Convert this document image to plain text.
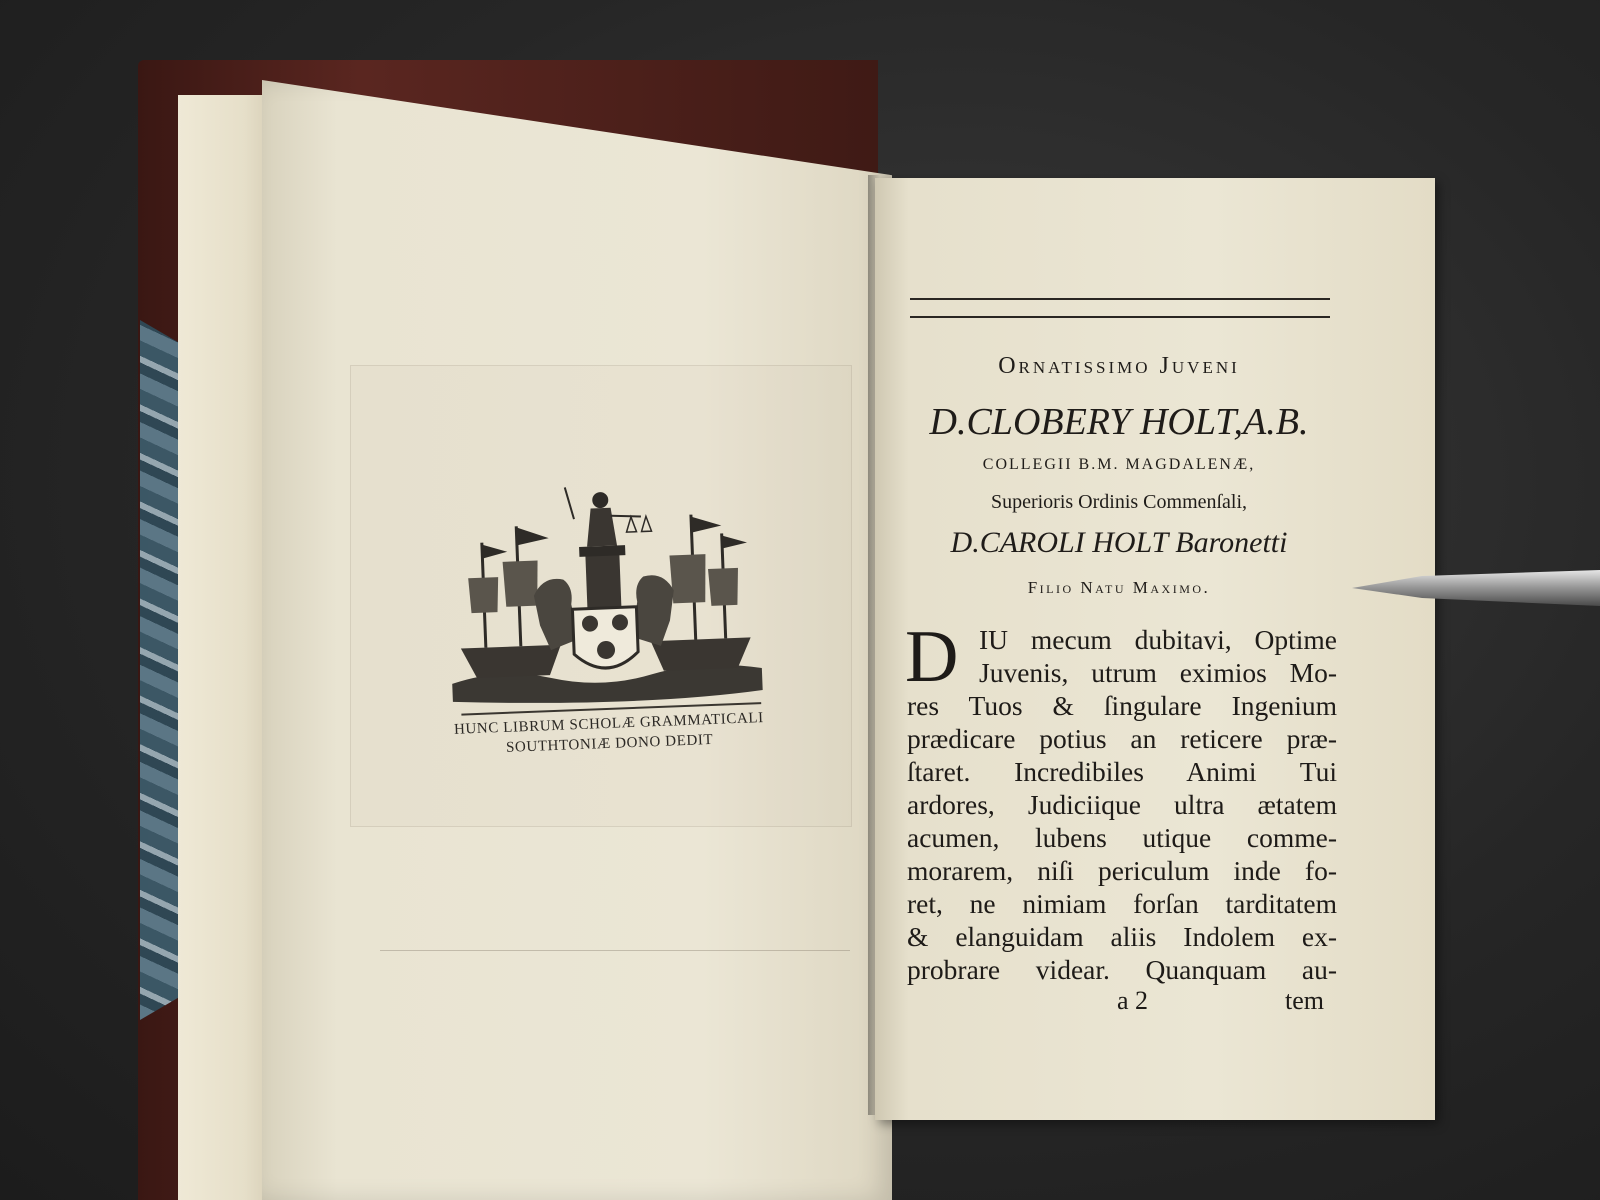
HUNC LIBRUM SCHOLÆ GRAMMATICALI
SOUTHTONIÆ DONO DEDIT
Ornatissimo Juveni
D.CLOBERY HOLT,A.B.
COLLEGII B.M. MAGDALENÆ,
Superioris Ordinis Commenſali,
D.CAROLI HOLT Baronetti
Filio Natu Maximo.
D IU mecum dubitavi, Optime
Juvenis, utrum eximios Mo-
res Tuos & ſingulare Ingenium
prædicare potius an reticere præ-
ſtaret. Incredibiles Animi Tui
ardores, Judiciique ultra ætatem
acumen, lubens utique comme-
morarem, niſi periculum inde fo-
ret, ne nimiam forſan tarditatem
& elanguidam aliis Indolem ex-
probrare videar. Quanquam au-
a 2	tem
